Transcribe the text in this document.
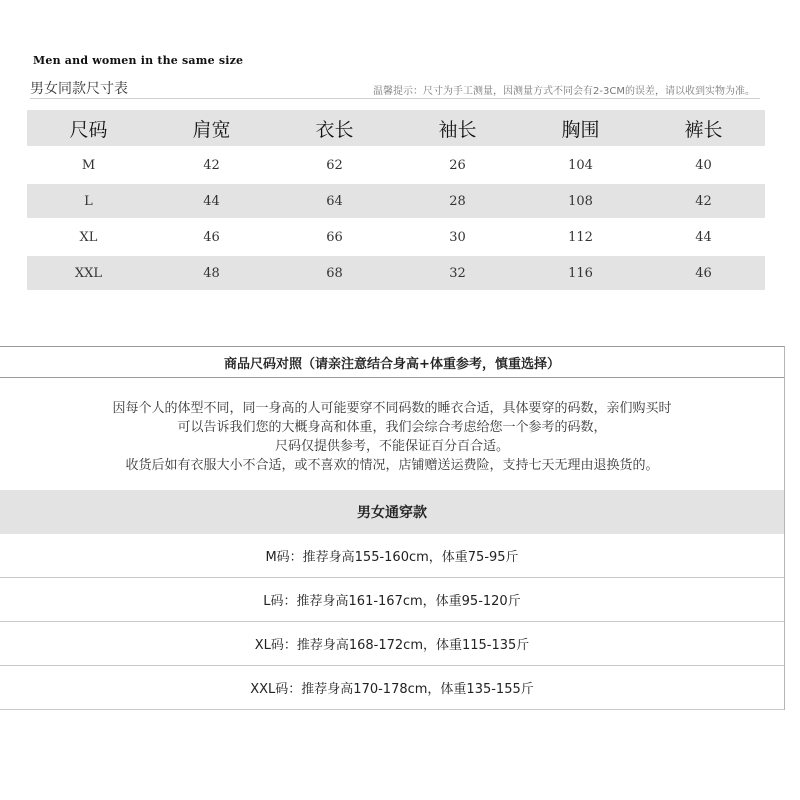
Men and women in the same size
男女同款尺寸表	温馨提示：尺寸为手工测量，因测量方式不同会有2-3CM的误差，请以收到实物为准。
尺码	肩宽	衣长	袖长	胸围	裤长
M	42	62	26	104	40
L	44	64	28	108	42
XL	46	66	30	112	44
XXL	48	68	32	116	46
商品尺码对照（请亲注意结合身高+体重参考，慎重选择）
因每个人的体型不同，同一身高的人可能要穿不同码数的睡衣合适，具体要穿的码数，亲们购买时
可以告诉我们您的大概身高和体重，我们会综合考虑给您一个参考的码数，
尺码仅提供参考，不能保证百分百合适。
收货后如有衣服大小不合适，或不喜欢的情况，店铺赠送运费险，支持七天无理由退换货的。
男女通穿款
M码：推荐身高155-160cm，体重75-95斤
L码：推荐身高161-167cm，体重95-120斤
XL码：推荐身高168-172cm，体重115-135斤
XXL码：推荐身高170-178cm，体重135-155斤
